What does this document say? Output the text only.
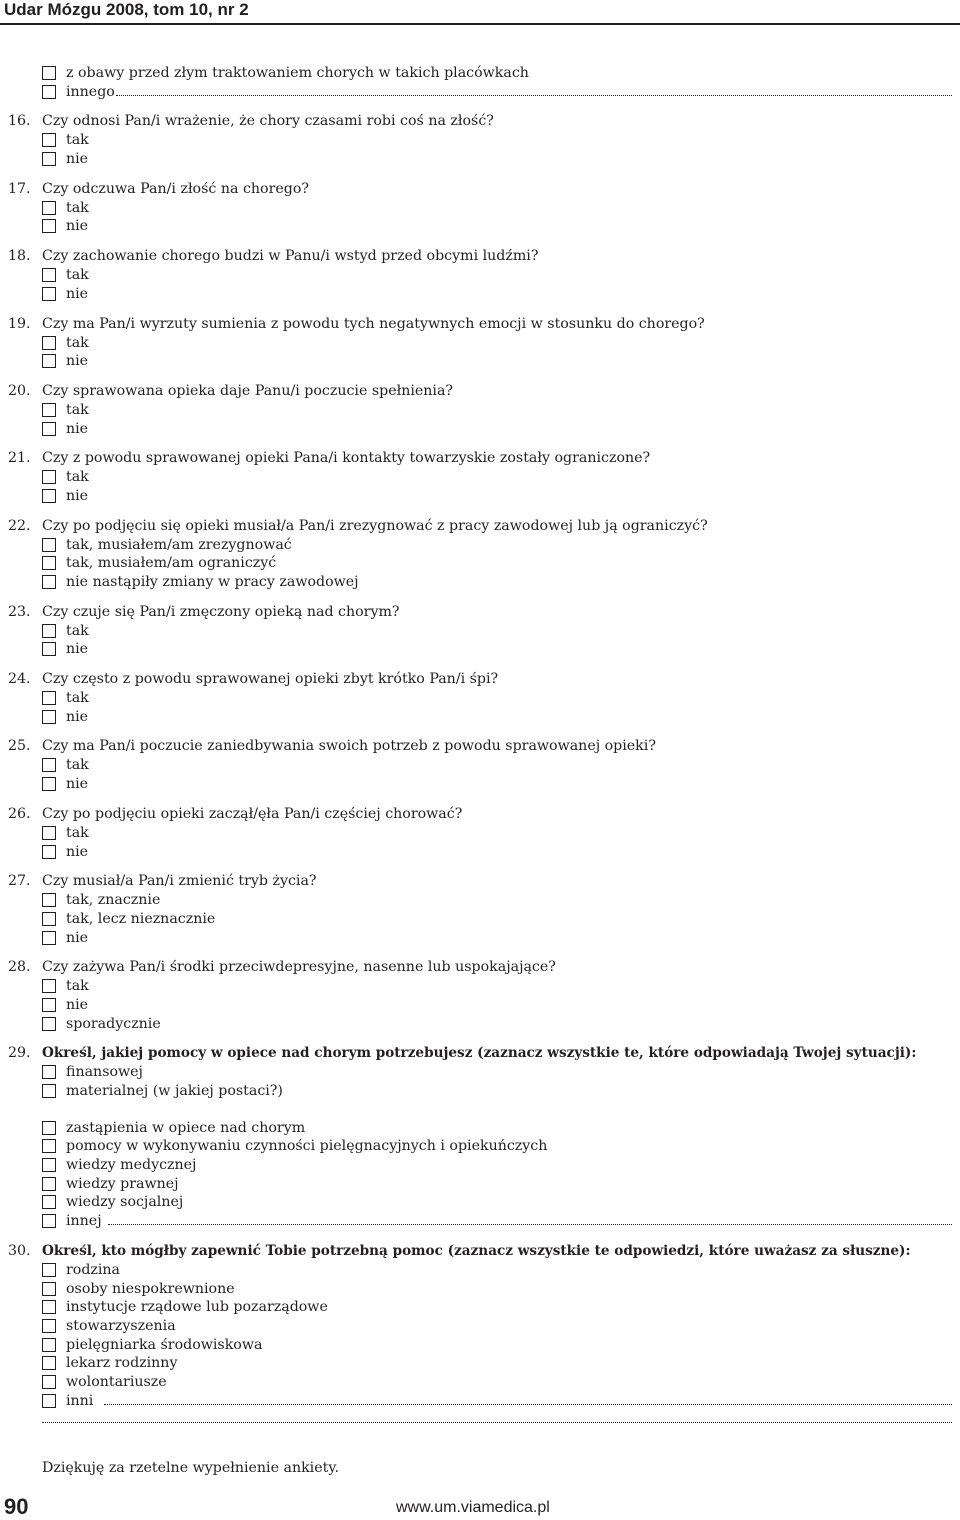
Udar Mózgu 2008, tom 10, nr 2
z obawy przed złym traktowaniem chorych w takich placówkach
innego
16. Czy odnosi Pan/i wrażenie, że chory czasami robi coś na złość?
tak
nie
17. Czy odczuwa Pan/i złość na chorego?
tak
nie
18. Czy zachowanie chorego budzi w Panu/i wstyd przed obcymi ludźmi?
tak
nie
19. Czy ma Pan/i wyrzuty sumienia z powodu tych negatywnych emocji w stosunku do chorego?
tak
nie
20. Czy sprawowana opieka daje Panu/i poczucie spełnienia?
tak
nie
21. Czy z powodu sprawowanej opieki Pana/i kontakty towarzyskie zostały ograniczone?
tak
nie
22. Czy po podjęciu się opieki musiał/a Pan/i zrezygnować z pracy zawodowej lub ją ograniczyć?
tak, musiałem/am zrezygnować
tak, musiałem/am ograniczyć
nie nastąpiły zmiany w pracy zawodowej
23. Czy czuje się Pan/i zmęczony opieką nad chorym?
tak
nie
24. Czy często z powodu sprawowanej opieki zbyt krótko Pan/i śpi?
tak
nie
25. Czy ma Pan/i poczucie zaniedbywania swoich potrzeb z powodu sprawowanej opieki?
tak
nie
26. Czy po podjęciu opieki zaczął/ęła Pan/i częściej chorować?
tak
nie
27. Czy musiał/a Pan/i zmienić tryb życia?
tak, znacznie
tak, lecz nieznacznie
nie
28. Czy zażywa Pan/i środki przeciwdepresyjne, nasenne lub uspokajające?
tak
nie
sporadycznie
29. Określ, jakiej pomocy w opiece nad chorym potrzebujesz (zaznacz wszystkie te, które odpowiadają Twojej sytuacji):
finansowej
materialnej (w jakiej postaci?)
zastąpienia w opiece nad chorym
pomocy w wykonywaniu czynności pielęgnacyjnych i opiekuńczych
wiedzy medycznej
wiedzy prawnej
wiedzy socjalnej
innej
30. Określ, kto mógłby zapewnić Tobie potrzebną pomoc (zaznacz wszystkie te odpowiedzi, które uważasz za słuszne):
rodzina
osoby niespokrewnione
instytucje rządowe lub pozarządowe
stowarzyszenia
pielęgniarka środowiskowa
lekarz rodzinny
wolontariusze
inni
Dziękuję za rzetelne wypełnienie ankiety.
90	www.um.viamedica.pl
